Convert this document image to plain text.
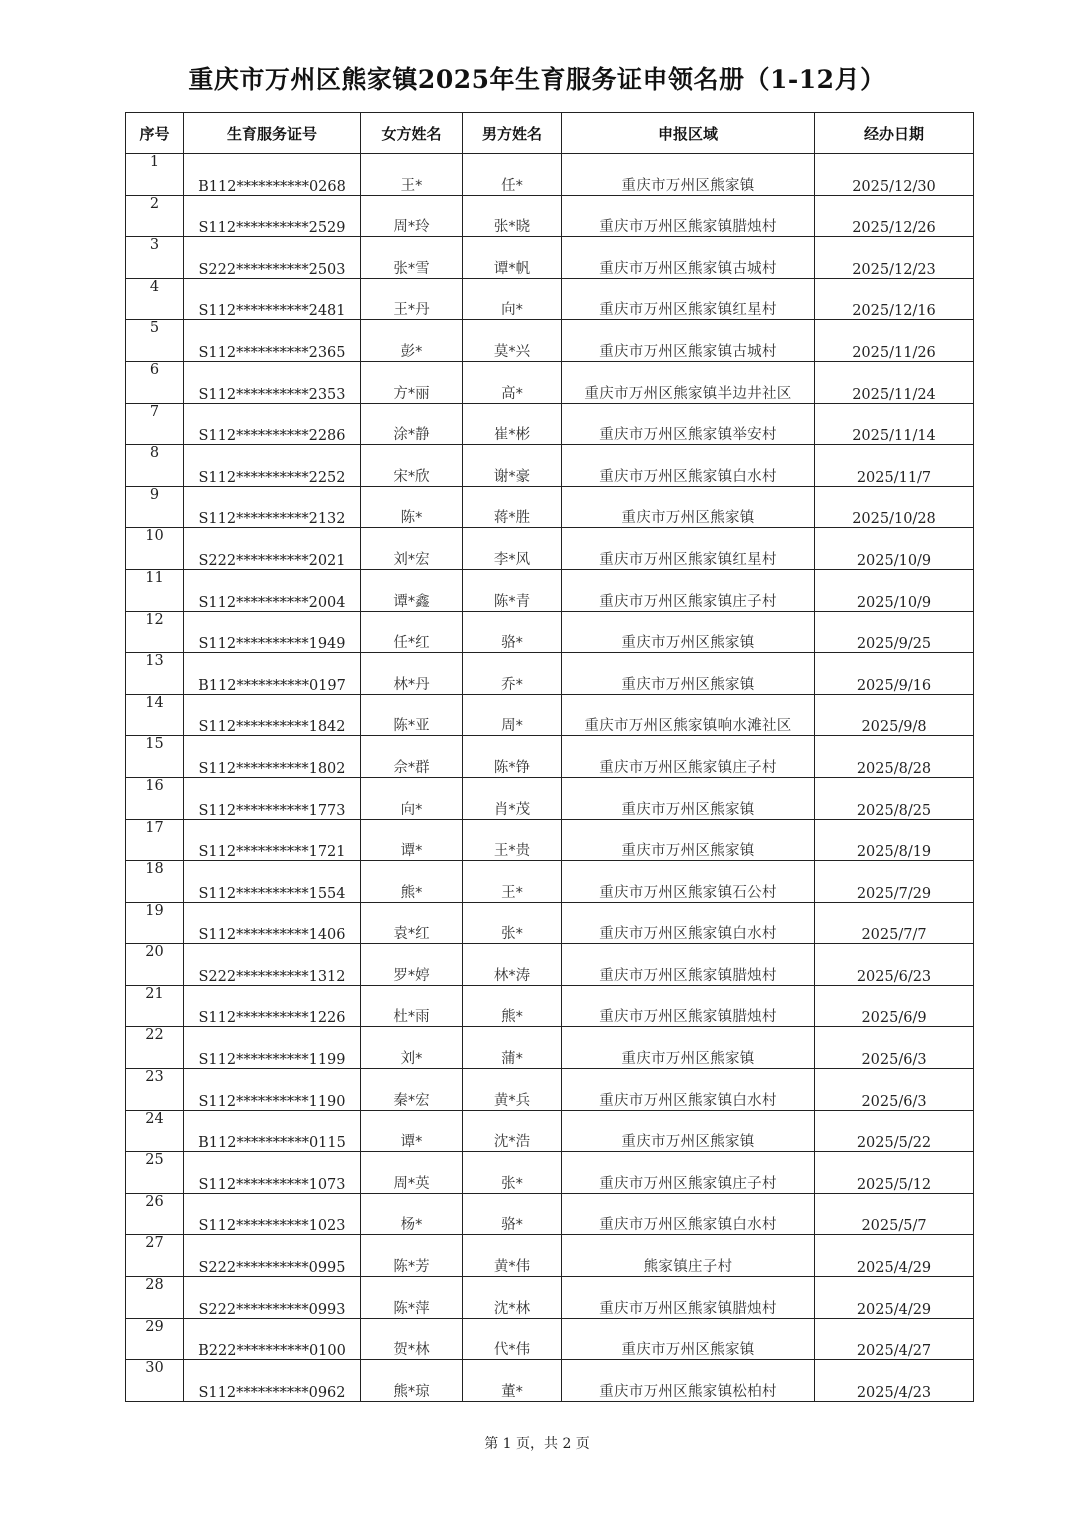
重庆市万州区熊家镇2025年生育服务证申领名册（1-12月）
序号	生育服务证号	女方姓名	男方姓名	申报区域	经办日期
1	B112**********0268	王*	任*	重庆市万州区熊家镇	2025/12/30
2	S112**********2529	周*玲	张*晓	重庆市万州区熊家镇腊烛村	2025/12/26
3	S222**********2503	张*雪	谭*帆	重庆市万州区熊家镇古城村	2025/12/23
4	S112**********2481	王*丹	向*	重庆市万州区熊家镇红星村	2025/12/16
5	S112**********2365	彭*	莫*兴	重庆市万州区熊家镇古城村	2025/11/26
6	S112**********2353	方*丽	高*	重庆市万州区熊家镇半边井社区	2025/11/24
7	S112**********2286	涂*静	崔*彬	重庆市万州区熊家镇举安村	2025/11/14
8	S112**********2252	宋*欣	谢*豪	重庆市万州区熊家镇白水村	2025/11/7
9	S112**********2132	陈*	蒋*胜	重庆市万州区熊家镇	2025/10/28
10	S222**********2021	刘*宏	李*风	重庆市万州区熊家镇红星村	2025/10/9
11	S112**********2004	谭*鑫	陈*青	重庆市万州区熊家镇庄子村	2025/10/9
12	S112**********1949	任*红	骆*	重庆市万州区熊家镇	2025/9/25
13	B112**********0197	林*丹	乔*	重庆市万州区熊家镇	2025/9/16
14	S112**********1842	陈*亚	周*	重庆市万州区熊家镇响水滩社区	2025/9/8
15	S112**********1802	佘*群	陈*铮	重庆市万州区熊家镇庄子村	2025/8/28
16	S112**********1773	向*	肖*茂	重庆市万州区熊家镇	2025/8/25
17	S112**********1721	谭*	王*贵	重庆市万州区熊家镇	2025/8/19
18	S112**********1554	熊*	王*	重庆市万州区熊家镇石公村	2025/7/29
19	S112**********1406	袁*红	张*	重庆市万州区熊家镇白水村	2025/7/7
20	S222**********1312	罗*婷	林*涛	重庆市万州区熊家镇腊烛村	2025/6/23
21	S112**********1226	杜*雨	熊*	重庆市万州区熊家镇腊烛村	2025/6/9
22	S112**********1199	刘*	蒲*	重庆市万州区熊家镇	2025/6/3
23	S112**********1190	秦*宏	黄*兵	重庆市万州区熊家镇白水村	2025/6/3
24	B112**********0115	谭*	沈*浩	重庆市万州区熊家镇	2025/5/22
25	S112**********1073	周*英	张*	重庆市万州区熊家镇庄子村	2025/5/12
26	S112**********1023	杨*	骆*	重庆市万州区熊家镇白水村	2025/5/7
27	S222**********0995	陈*芳	黄*伟	熊家镇庄子村	2025/4/29
28	S222**********0993	陈*萍	沈*林	重庆市万州区熊家镇腊烛村	2025/4/29
29	B222**********0100	贺*林	代*伟	重庆市万州区熊家镇	2025/4/27
30	S112**********0962	熊*琼	董*	重庆市万州区熊家镇松柏村	2025/4/23
第 1 页，共 2 页
